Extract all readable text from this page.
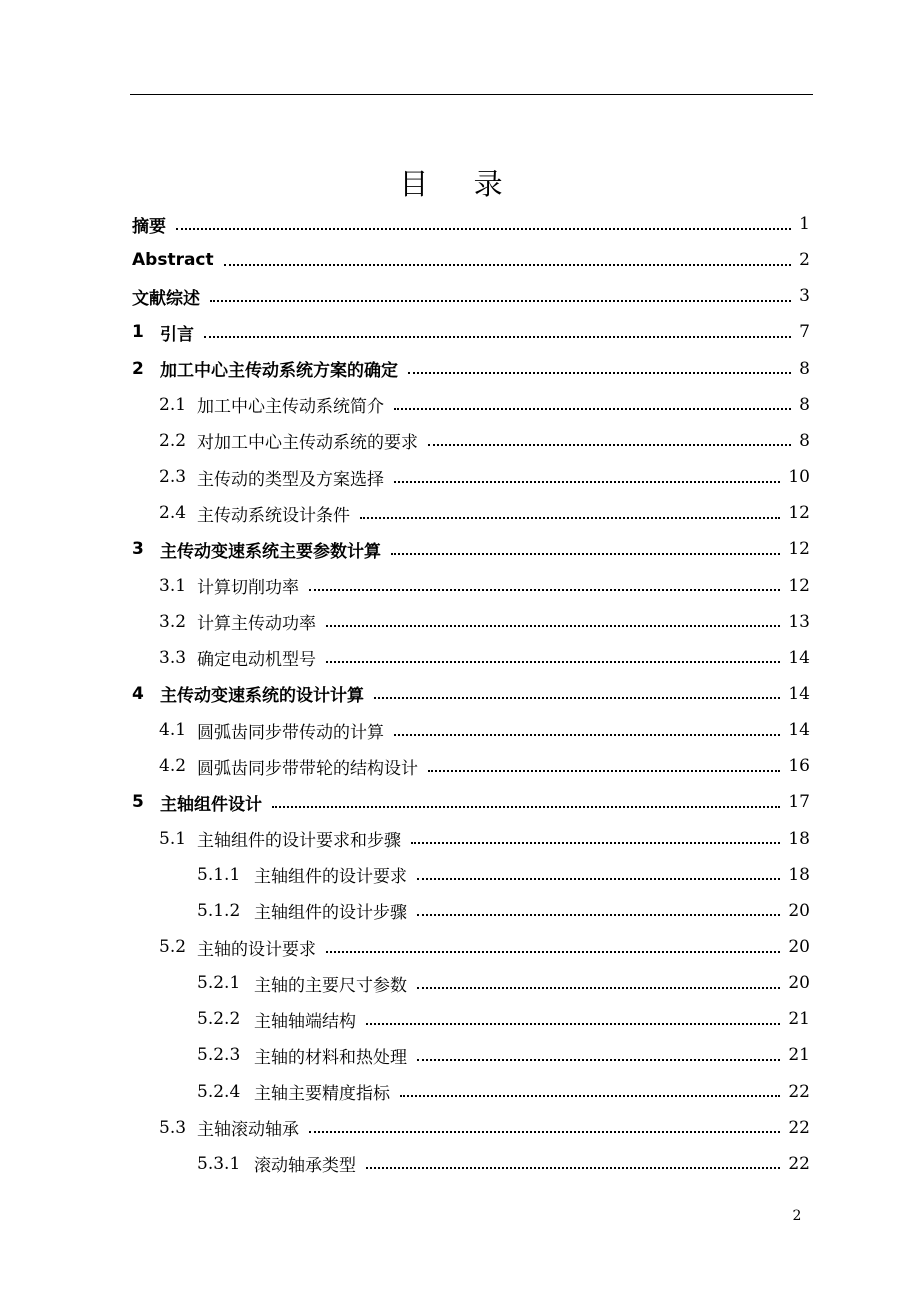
目 录
摘要	1
Abstract	2
文献综述	3
1 引言	7
2 加工中心主传动系统方案的确定	8
2.1 加工中心主传动系统简介	8
2.2 对加工中心主传动系统的要求	8
2.3 主传动的类型及方案选择	10
2.4 主传动系统设计条件	12
3 主传动变速系统主要参数计算	12
3.1 计算切削功率	12
3.2 计算主传动功率	13
3.3 确定电动机型号	14
4 主传动变速系统的设计计算	14
4.1 圆弧齿同步带传动的计算	14
4.2 圆弧齿同步带带轮的结构设计	16
5 主轴组件设计	17
5.1 主轴组件的设计要求和步骤	18
5.1.1 主轴组件的设计要求	18
5.1.2 主轴组件的设计步骤	20
5.2 主轴的设计要求	20
5.2.1 主轴的主要尺寸参数	20
5.2.2 主轴轴端结构	21
5.2.3 主轴的材料和热处理	21
5.2.4 主轴主要精度指标	22
5.3 主轴滚动轴承	22
5.3.1 滚动轴承类型	22
2
